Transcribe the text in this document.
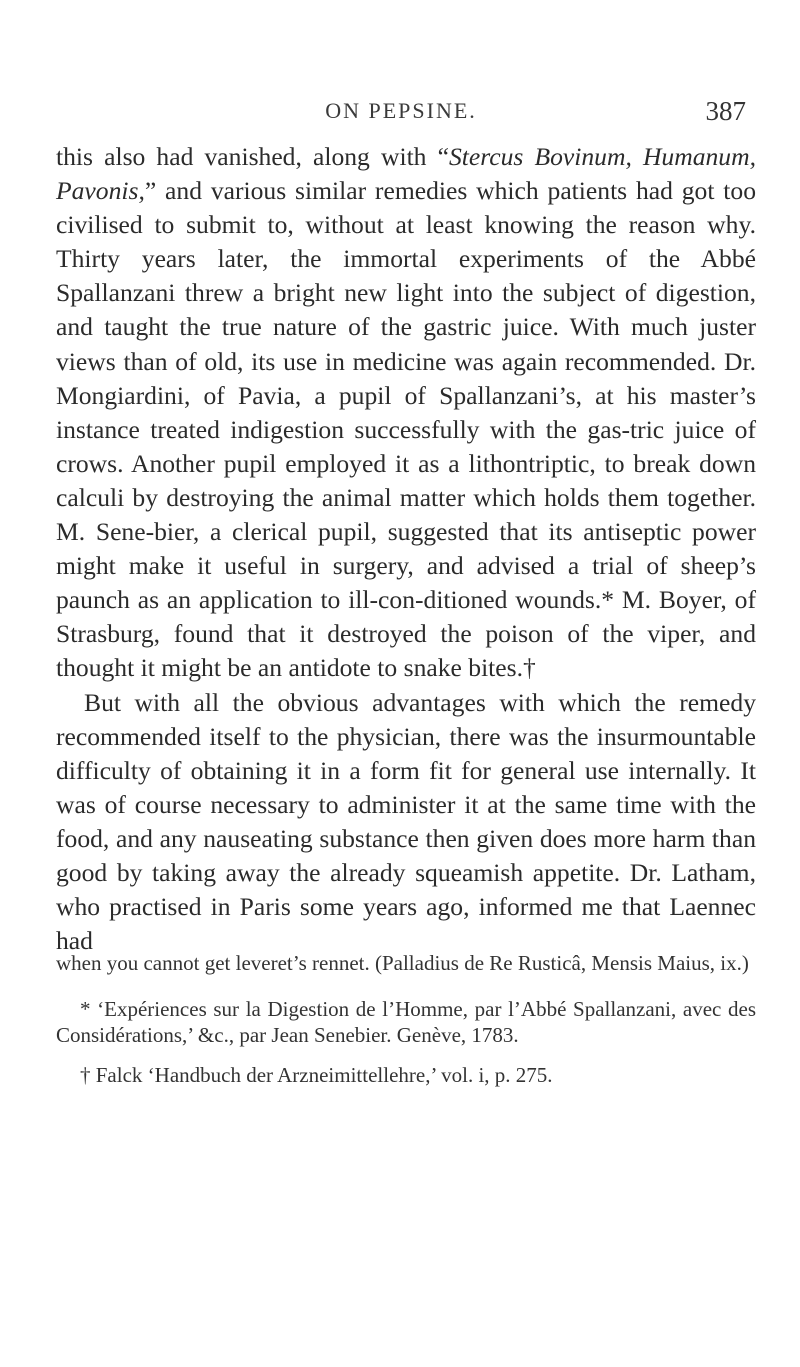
ON PEPSINE.	387

this also had vanished, along with “Stercus Bovinum, Humanum, Pavonis,” and various similar remedies which patients had got too civilised to submit to, without at least knowing the reason why. Thirty years later, the immortal experiments of the Abbé Spallanzani threw a bright new light into the subject of digestion, and taught the true nature of the gastric juice. With much juster views than of old, its use in medicine was again recommended. Dr. Mongiardini, of Pavia, a pupil of Spallanzani’s, at his master’s instance treated indigestion successfully with the gas-tric juice of crows. Another pupil employed it as a lithontriptic, to break down calculi by destroying the animal matter which holds them together. M. Sene-bier, a clerical pupil, suggested that its antiseptic power might make it useful in surgery, and advised a trial of sheep’s paunch as an application to ill-con-ditioned wounds.* M. Boyer, of Strasburg, found that it destroyed the poison of the viper, and thought it might be an antidote to snake bites.†

But with all the obvious advantages with which the remedy recommended itself to the physician, there was the insurmountable difficulty of obtaining it in a form fit for general use internally. It was of course necessary to administer it at the same time with the food, and any nauseating substance then given does more harm than good by taking away the already squeamish appetite. Dr. Latham, who practised in Paris some years ago, informed me that Laennec had

when you cannot get leveret’s rennet. (Palladius de Re Rusticâ, Mensis Maius, ix.)

* ‘Expériences sur la Digestion de l’Homme, par l’Abbé Spallanzani, avec des Considérations,’ &c., par Jean Senebier. Genève, 1783.

† Falck ‘Handbuch der Arzneimittellehre,’ vol. i, p. 275.
